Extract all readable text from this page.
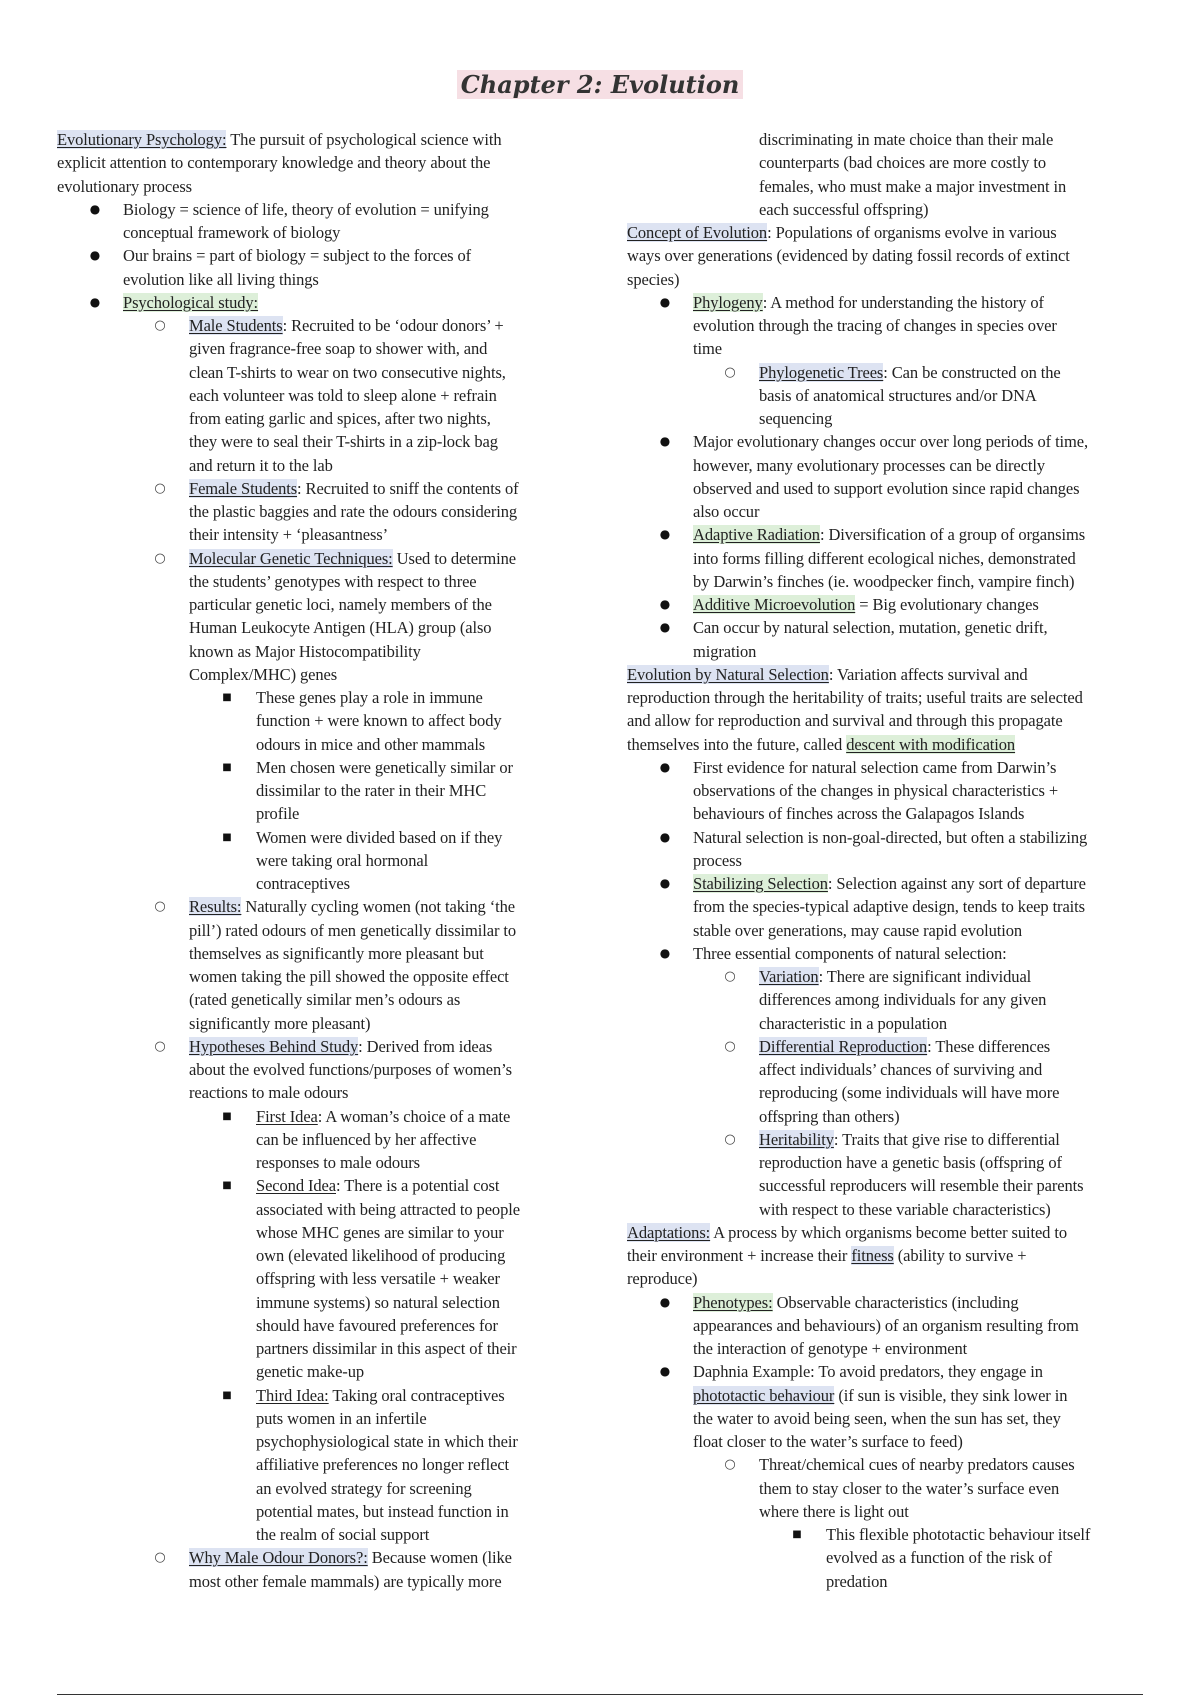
Chapter 2: Evolution
Evolutionary Psychology: The pursuit of psychological science with
explicit attention to contemporary knowledge and theory about the
evolutionary process
● Biology = science of life, theory of evolution = unifying
conceptual framework of biology
● Our brains = part of biology = subject to the forces of
evolution like all living things
● Psychological study:
○ Male Students: Recruited to be ‘odour donors’ +
given fragrance-free soap to shower with, and
clean T-shirts to wear on two consecutive nights,
each volunteer was told to sleep alone + refrain
from eating garlic and spices, after two nights,
they were to seal their T-shirts in a zip-lock bag
and return it to the lab
○ Female Students: Recruited to sniff the contents of
the plastic baggies and rate the odours considering
their intensity + ‘pleasantness’
○ Molecular Genetic Techniques: Used to determine
the students’ genotypes with respect to three
particular genetic loci, namely members of the
Human Leukocyte Antigen (HLA) group (also
known as Major Histocompatibility
Complex/MHC) genes
■	These genes play a role in immune
function + were known to affect body
odours in mice and other mammals
■	Men chosen were genetically similar or
dissimilar to the rater in their MHC
profile
■	Women were divided based on if they
were taking oral hormonal
contraceptives
○ Results: Naturally cycling women (not taking ‘the
pill’) rated odours of men genetically dissimilar to
themselves as significantly more pleasant but
women taking the pill showed the opposite effect
(rated genetically similar men’s odours as
significantly more pleasant)
○ Hypotheses Behind Study: Derived from ideas
about the evolved functions/purposes of women’s
reactions to male odours
■	First Idea: A woman’s choice of a mate
can be influenced by her affective
responses to male odours
■	Second Idea: There is a potential cost
associated with being attracted to people
whose MHC genes are similar to your
own (elevated likelihood of producing
offspring with less versatile + weaker
immune systems) so natural selection
should have favoured preferences for
partners dissimilar in this aspect of their
genetic make-up
■	Third Idea: Taking oral contraceptives
puts women in an infertile
psychophysiological state in which their
affiliative preferences no longer reflect
an evolved strategy for screening
potential mates, but instead function in
the realm of social support
○ Why Male Odour Donors?: Because women (like
most other female mammals) are typically more
discriminating in mate choice than their male
counterparts (bad choices are more costly to
females, who must make a major investment in
each successful offspring)
Concept of Evolution: Populations of organisms evolve in various
ways over generations (evidenced by dating fossil records of extinct
species)
● Phylogeny: A method for understanding the history of
evolution through the tracing of changes in species over
time
○ Phylogenetic Trees: Can be constructed on the
basis of anatomical structures and/or DNA
sequencing
● Major evolutionary changes occur over long periods of time,
however, many evolutionary processes can be directly
observed and used to support evolution since rapid changes
also occur
● Adaptive Radiation: Diversification of a group of organsims
into forms filling different ecological niches, demonstrated
by Darwin’s finches (ie. woodpecker finch, vampire finch)
● Additive Microevolution = Big evolutionary changes
● Can occur by natural selection, mutation, genetic drift,
migration
Evolution by Natural Selection: Variation affects survival and
reproduction through the heritability of traits; useful traits are selected
and allow for reproduction and survival and through this propagate
themselves into the future, called descent with modification
● First evidence for natural selection came from Darwin’s
observations of the changes in physical characteristics +
behaviours of finches across the Galapagos Islands
● Natural selection is non-goal-directed, but often a stabilizing
process
● Stabilizing Selection: Selection against any sort of departure
from the species-typical adaptive design, tends to keep traits
stable over generations, may cause rapid evolution
● Three essential components of natural selection:
○ Variation: There are significant individual
differences among individuals for any given
characteristic in a population
○ Differential Reproduction: These differences
affect individuals’ chances of surviving and
reproducing (some individuals will have more
offspring than others)
○ Heritability: Traits that give rise to differential
reproduction have a genetic basis (offspring of
successful reproducers will resemble their parents
with respect to these variable characteristics)
Adaptations: A process by which organisms become better suited to
their environment + increase their fitness (ability to survive +
reproduce)
● Phenotypes: Observable characteristics (including
appearances and behaviours) of an organism resulting from
the interaction of genotype + environment
● Daphnia Example: To avoid predators, they engage in
phototactic behaviour (if sun is visible, they sink lower in
the water to avoid being seen, when the sun has set, they
float closer to the water’s surface to feed)
○ Threat/chemical cues of nearby predators causes
them to stay closer to the water’s surface even
where there is light out
■	This flexible phototactic behaviour itself
evolved as a function of the risk of
predation
